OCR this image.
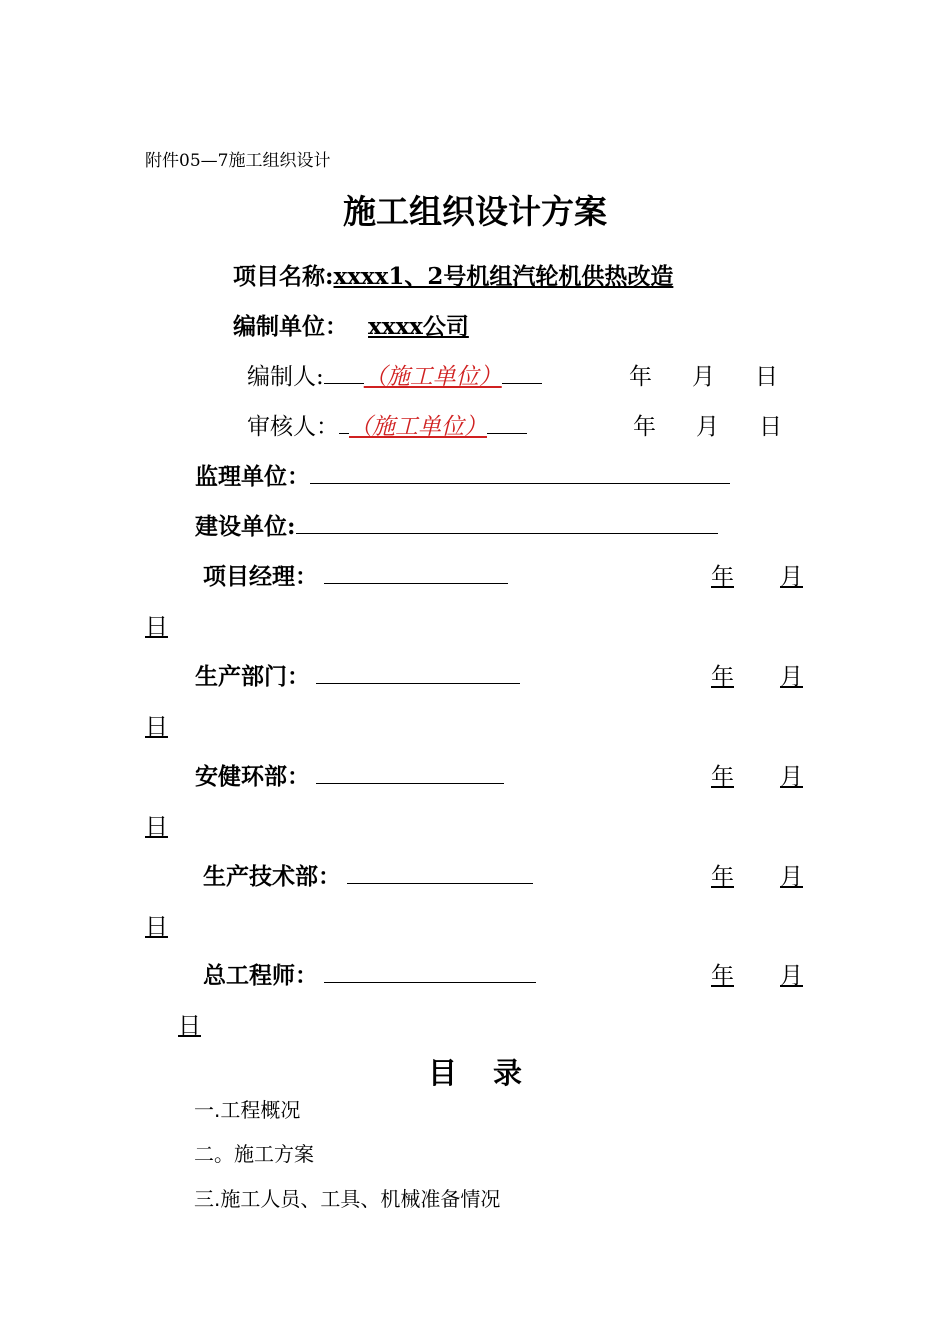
附件05—7施工组织设计
施工组织设计方案
项目名称:xxxx1、2号机组汽轮机供热改造
编制单位： xxxx公司
编制人: （施工单位）	年 月 日
审核人： （施工单位）	年 月 日
监理单位：
建设单位:
项目经理：	年 月
日
生产部门：	年 月
日
安健环部：	年 月
日
生产技术部：	年 月
日
总工程师：	年 月
日
目录
一.工程概况
二。施工方案
三.施工人员、工具、机械准备情况
